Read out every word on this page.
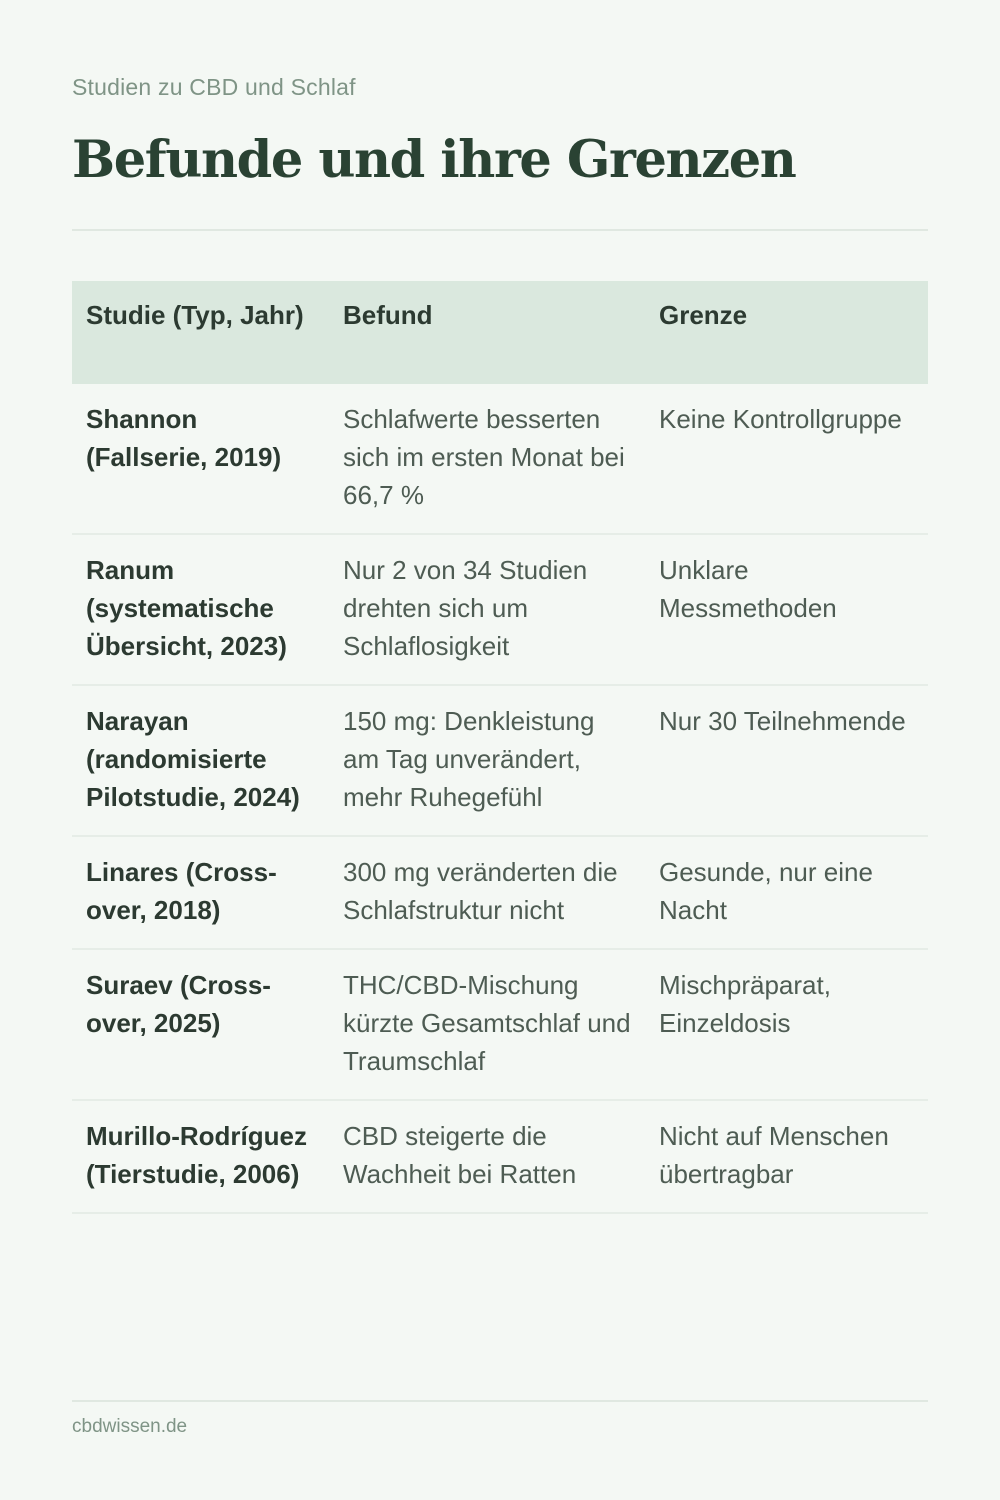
Studien zu CBD und Schlaf
Befunde und ihre Grenzen
Studie (Typ, Jahr)	Befund	Grenze
Shannon (Fallserie, 2019)	Schlafwerte besserten sich im ersten Monat bei 66,7 %	Keine Kontrollgruppe
Ranum (systematische Übersicht, 2023)	Nur 2 von 34 Studien drehten sich um Schlaflosigkeit	Unklare Messmethoden
Narayan (randomisierte Pilotstudie, 2024)	150 mg: Denkleistung am Tag unverändert, mehr Ruhegefühl	Nur 30 Teilnehmende
Linares (Cross-over, 2018)	300 mg veränderten die Schlafstruktur nicht	Gesunde, nur eine Nacht
Suraev (Cross-over, 2025)	THC/CBD-Mischung kürzte Gesamtschlaf und Traumschlaf	Mischpräparat, Einzeldosis
Murillo-Rodríguez (Tierstudie, 2006)	CBD steigerte die Wachheit bei Ratten	Nicht auf Menschen übertragbar
cbdwissen.de
